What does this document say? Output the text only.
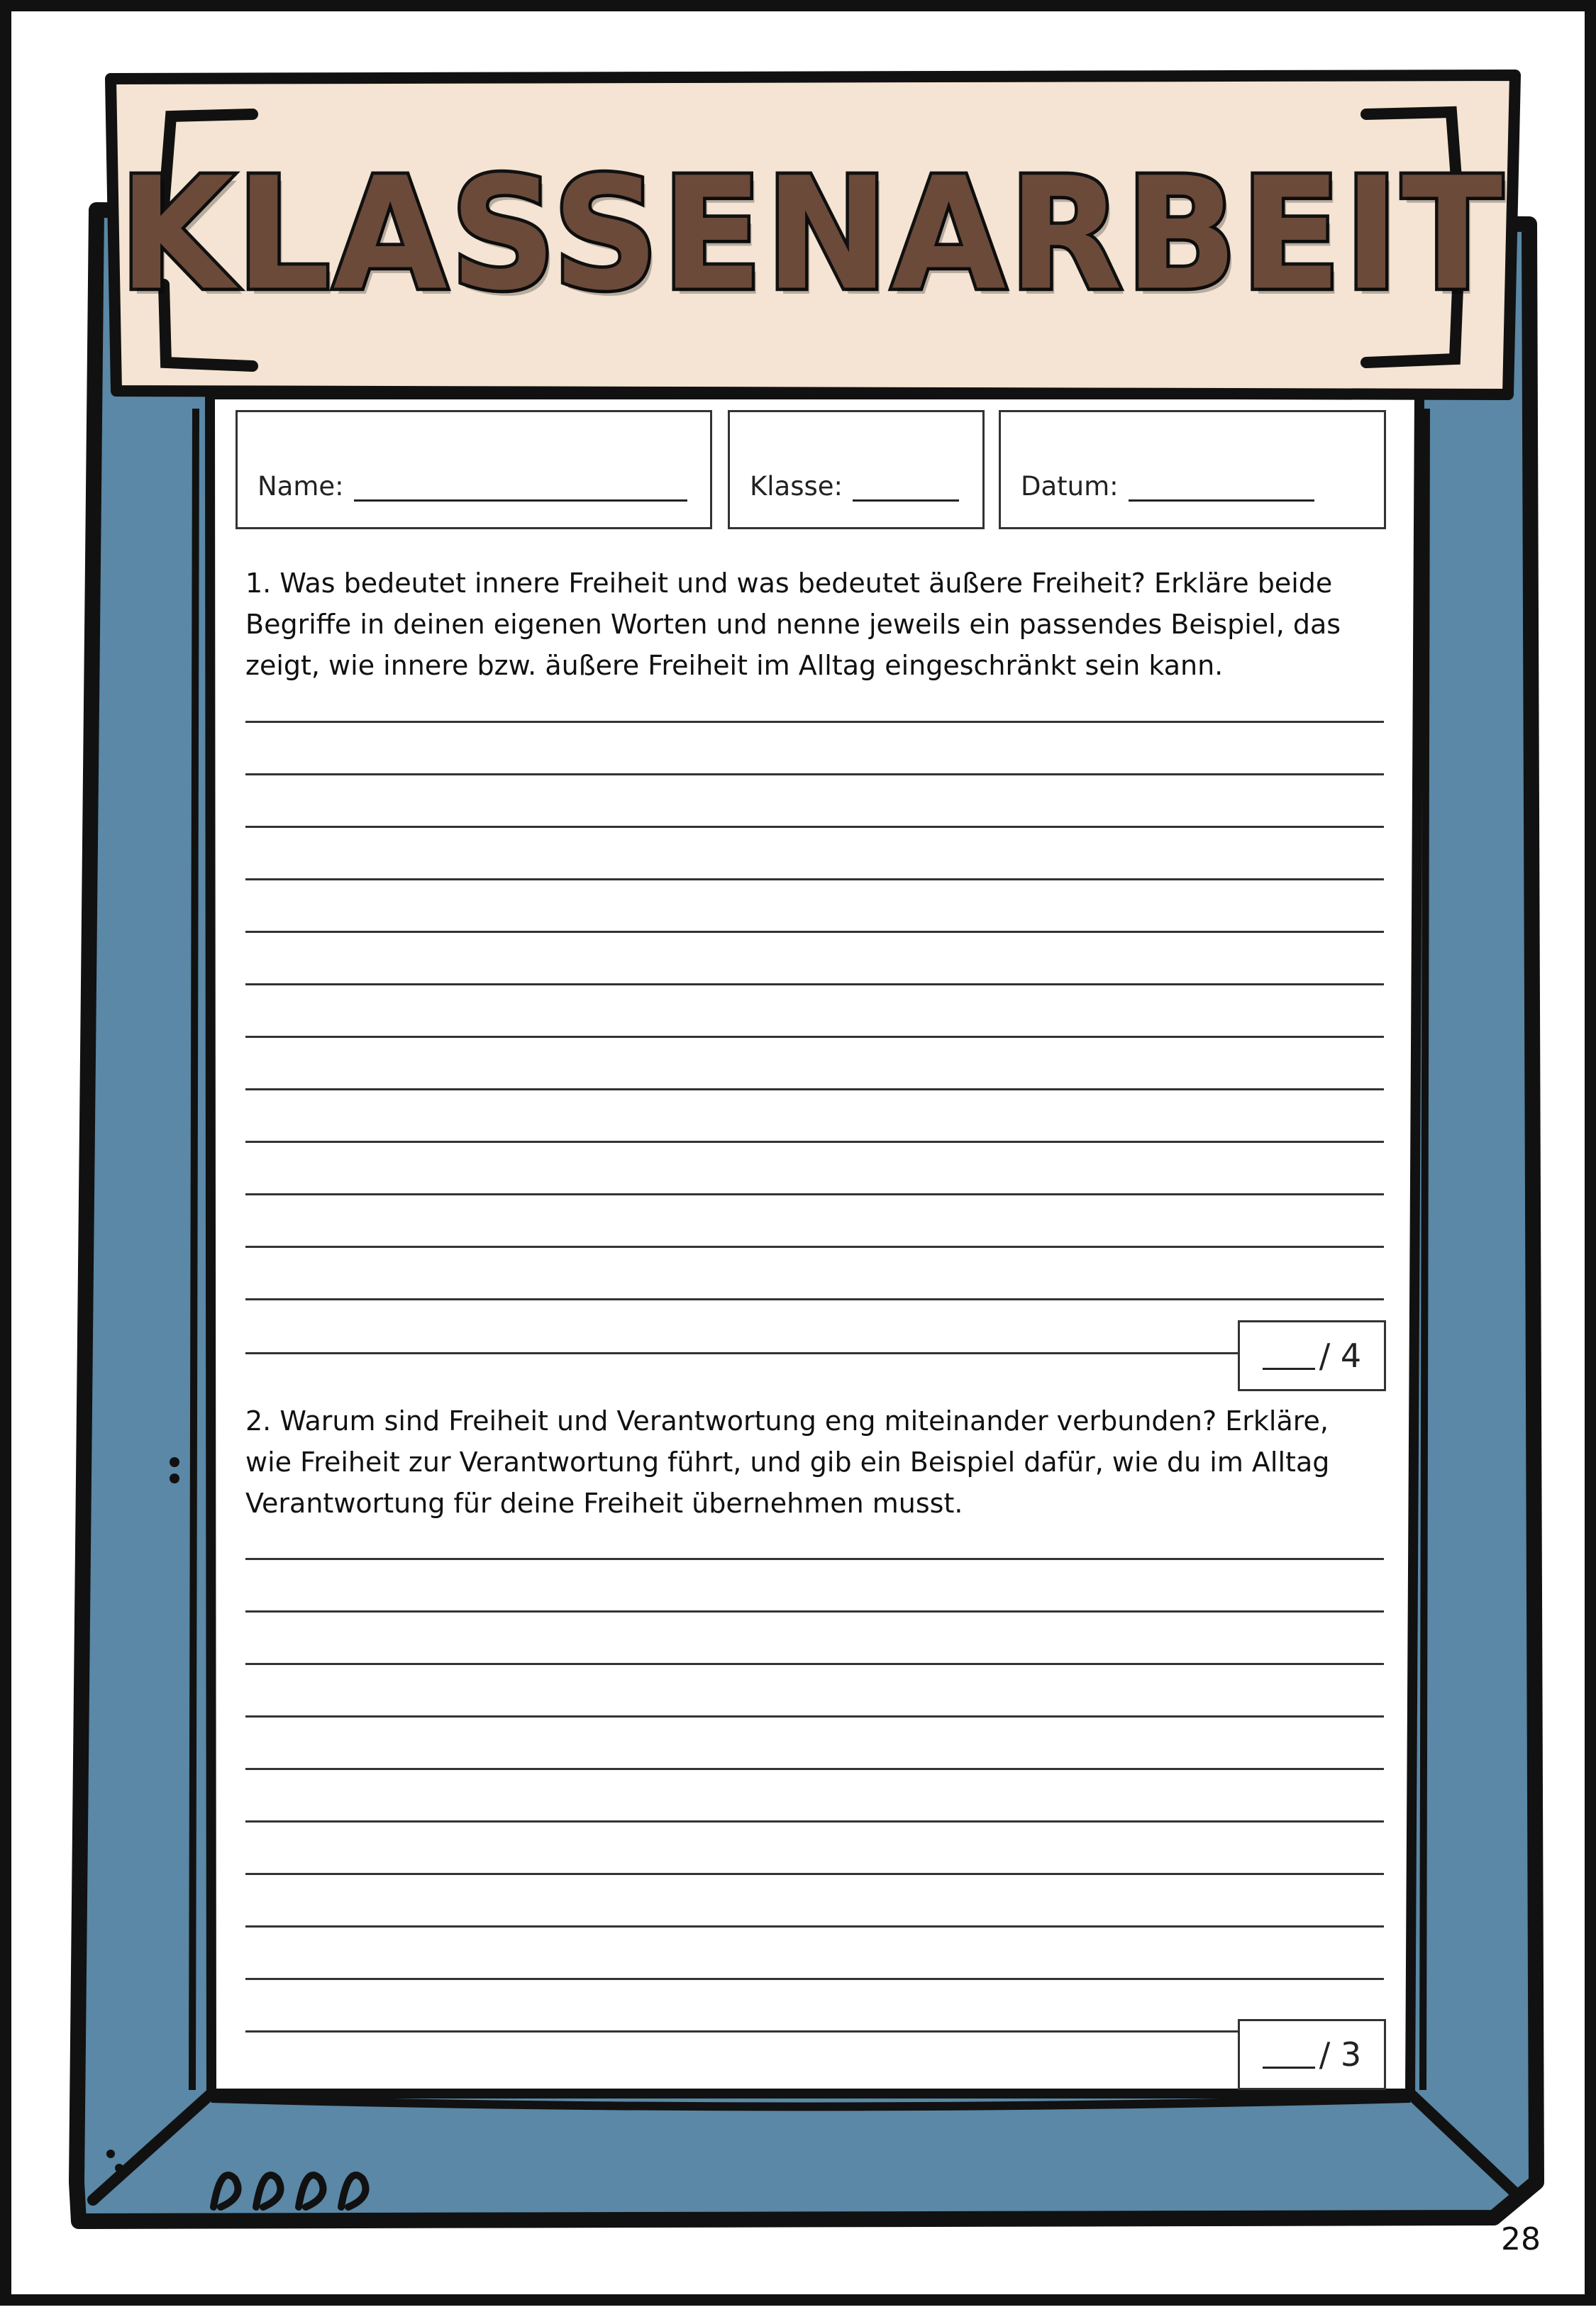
KLASSENARBEIT
Name:	Klasse:	Datum:

1. Was bedeutet innere Freiheit und was bedeutet äußere Freiheit? Erkläre beide Begriffe in deinen eigenen Worten und nenne jeweils ein passendes Beispiel, das zeigt, wie innere bzw. äußere Freiheit im Alltag eingeschränkt sein kann.

/ 4

2. Warum sind Freiheit und Verantwortung eng miteinander verbunden? Erkläre, wie Freiheit zur Verantwortung führt, und gib ein Beispiel dafür, wie du im Alltag Verantwortung für deine Freiheit übernehmen musst.

/ 3
28
